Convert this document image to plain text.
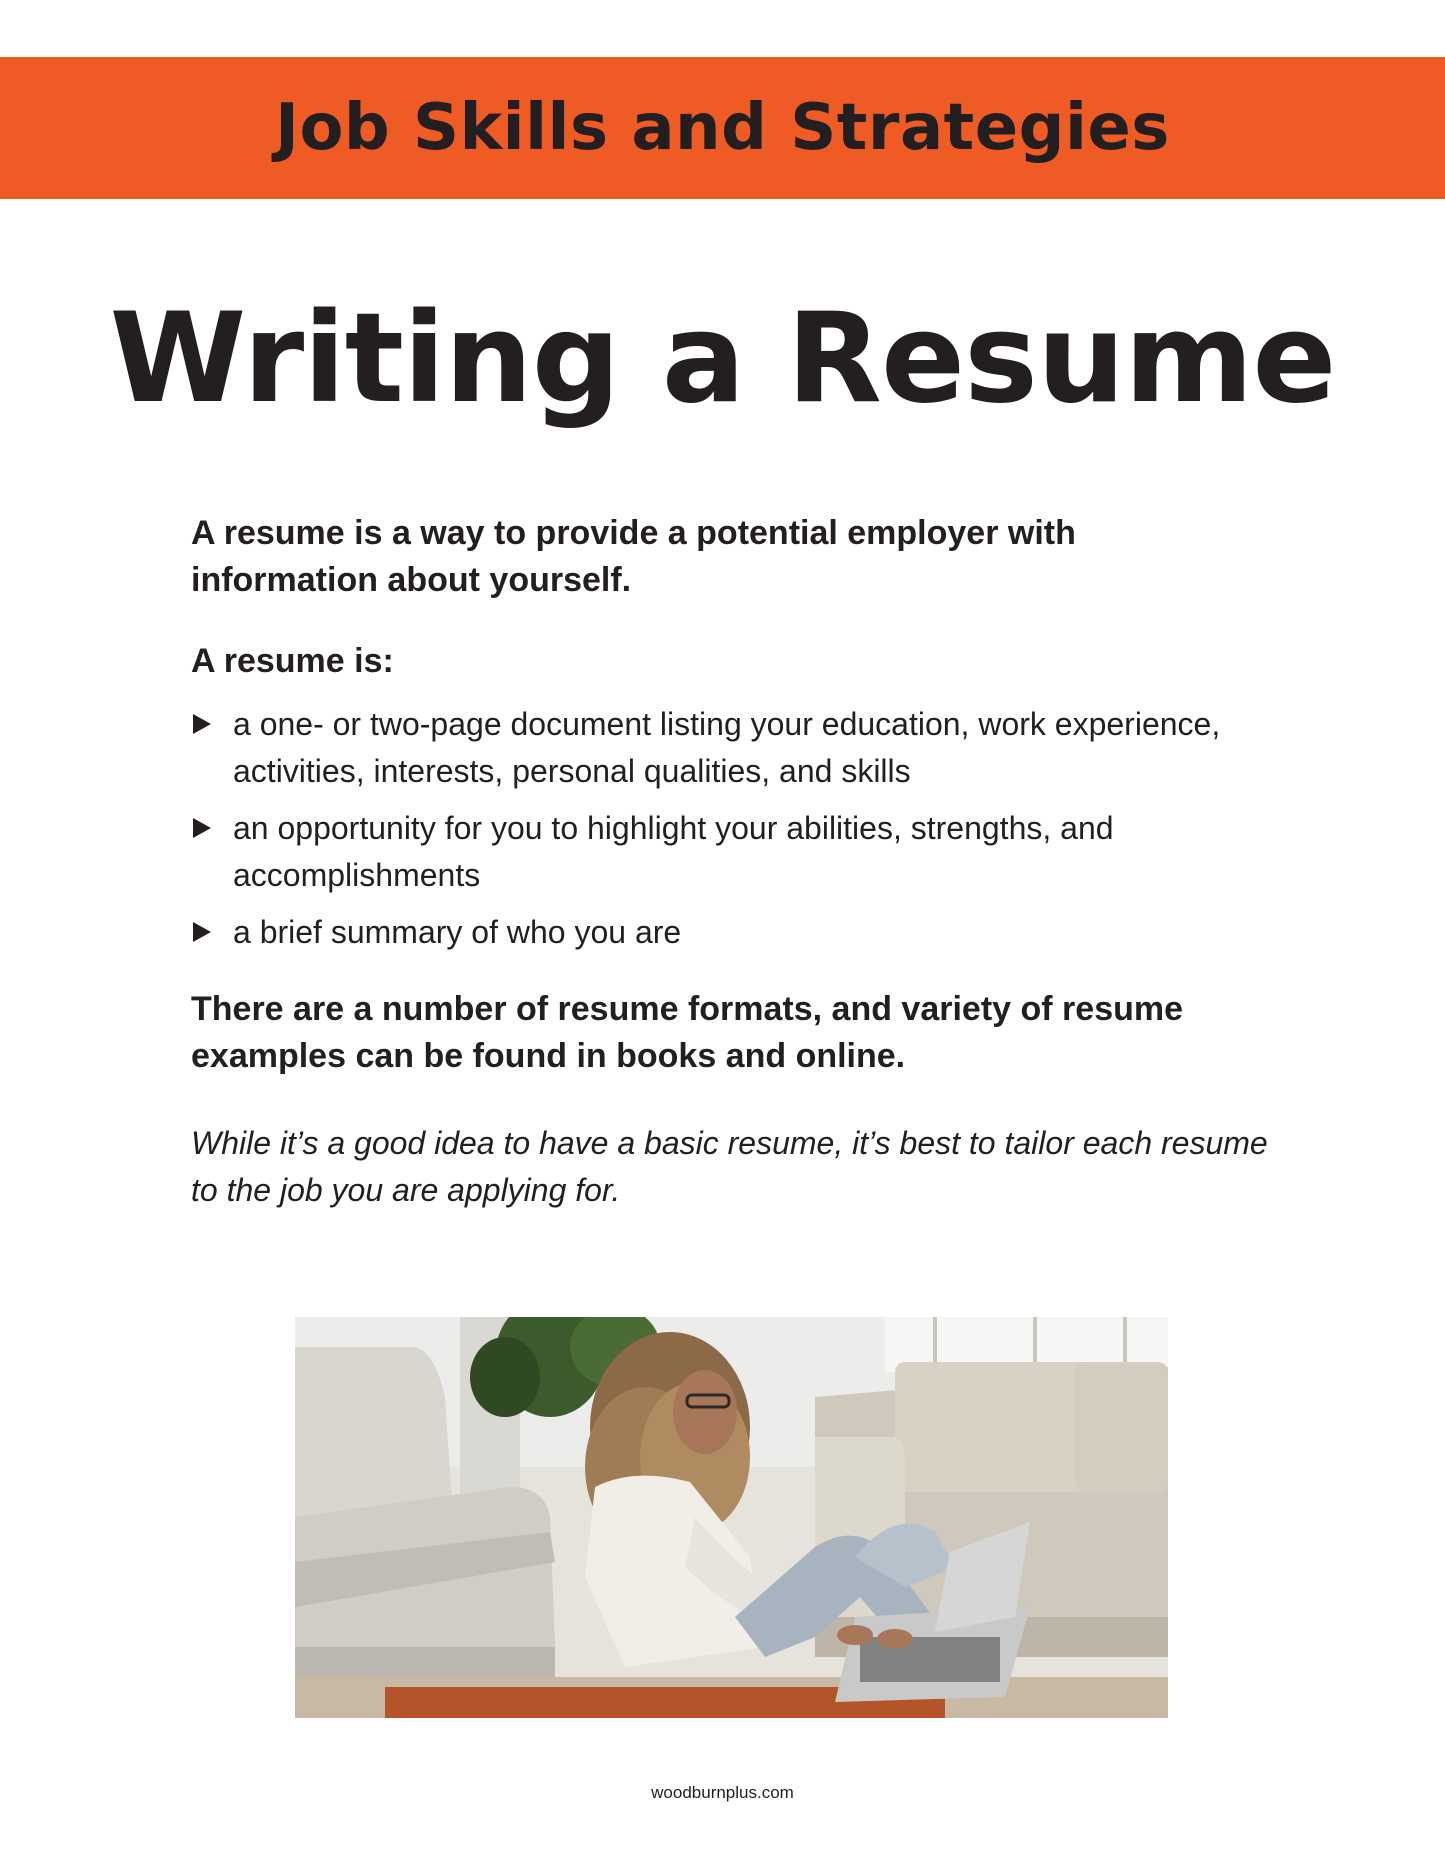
Job Skills and Strategies
Writing a Resume

A resume is a way to provide a potential employer with information about yourself.

A resume is:

a one- or two-page document listing your education, work experience, activities, interests, personal qualities, and skills
an opportunity for you to highlight your abilities, strengths, and accomplishments
a brief summary of who you are

There are a number of resume formats, and variety of resume examples can be found in books and online.

While it’s a good idea to have a basic resume, it’s best to tailor each resume to the job you are applying for.

woodburnplus.com
